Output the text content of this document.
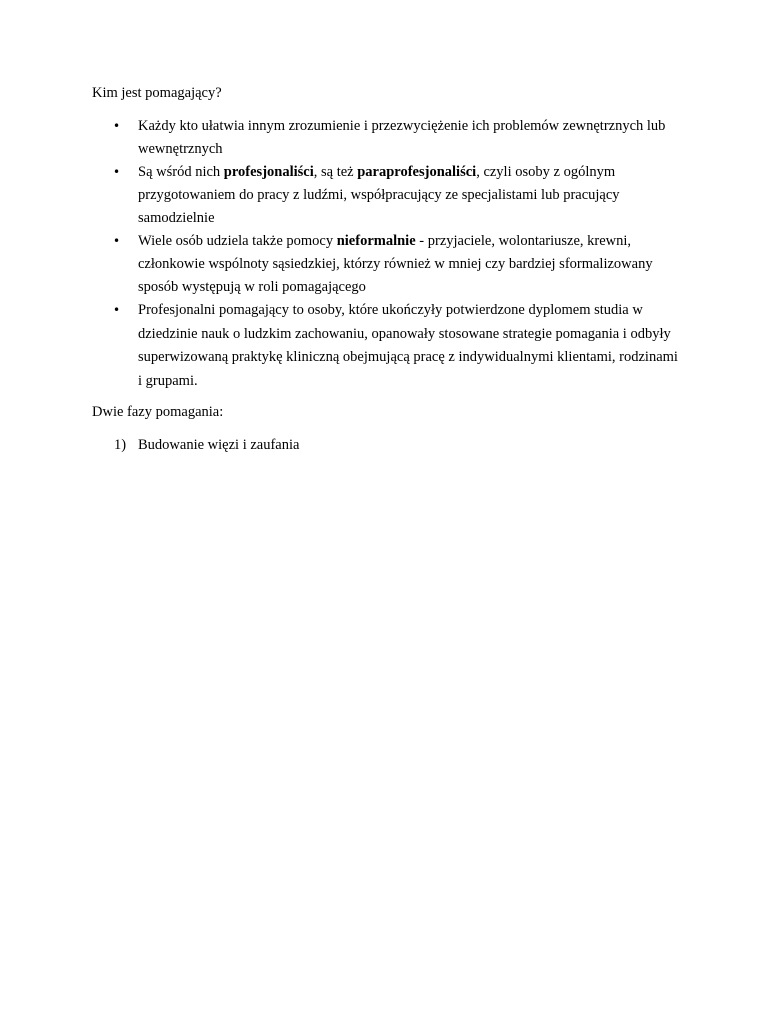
Kim jest pomagający?

• Każdy kto ułatwia innym zrozumienie i przezwyciężenie ich problemów zewnętrznych lub wewnętrznych
• Są wśród nich profesjonaliści, są też paraprofesjonaliści, czyli osoby z ogólnym przygotowaniem do pracy z ludźmi, współpracujący ze specjalistami lub pracujący samodzielnie
• Wiele osób udziela także pomocy nieformalnie - przyjaciele, wolontariusze, krewni, członkowie wspólnoty sąsiedzkiej, którzy również w mniej czy bardziej sformalizowany sposób występują w roli pomagającego
• Profesjonalni pomagający to osoby, które ukończyły potwierdzone dyplomem studia w dziedzinie nauk o ludzkim zachowaniu, opanowały stosowane strategie pomagania i odbyły superwizowaną praktykę kliniczną obejmującą pracę z indywidualnymi klientami, rodzinami i grupami.

Dwie fazy pomagania:

1) Budowanie więzi i zaufania
